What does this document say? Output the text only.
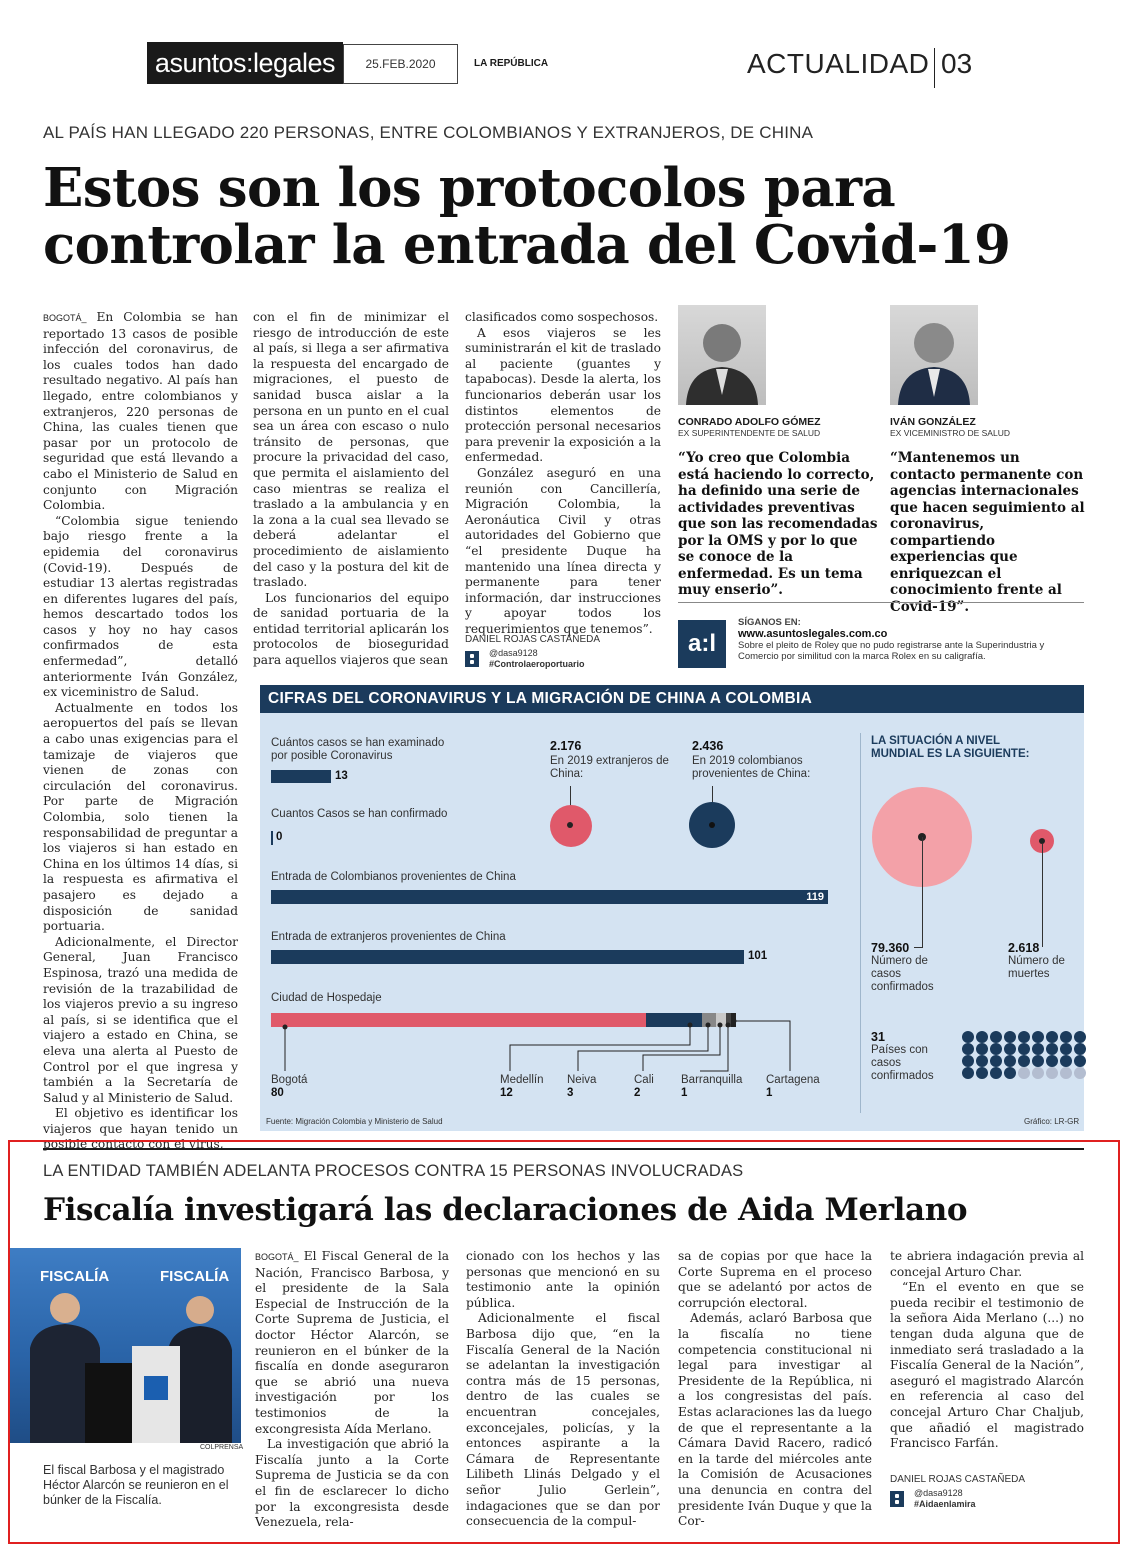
asuntos:legales	25.FEB.2020	LA REPÚBLICA	ACTUALIDAD 03
AL PAÍS HAN LLEGADO 220 PERSONAS, ENTRE COLOMBIANOS Y EXTRANJEROS, DE CHINA
Estos son los protocolos para
controlar la entrada del Covid-19

BOGOTÁ_ En Colombia se han reportado 13 casos de posible infección del coronavirus, de los cuales todos han dado resultado negativo. Al país han llegado, entre colombianos y extranjeros, 220 personas de China, las cuales tienen que pasar por un protocolo de seguridad que está llevando a cabo el Ministerio de Salud en conjunto con Migración Colombia.

“Colombia sigue teniendo bajo riesgo frente a la epidemia del coronavirus (Covid-19). Después de estudiar 13 alertas registradas en diferentes lugares del país, hemos descartado todos los casos y hoy no hay casos confirmados de esta enfermedad”, detalló anteriormente Iván González, ex viceministro de Salud.

Actualmente en todos los aeropuertos del país se llevan a cabo unas exigencias para el tamizaje de viajeros que vienen de zonas con circulación del coronavirus. Por parte de Migración Colombia, solo tienen la responsabilidad de preguntar a los viajeros si han estado en China en los últimos 14 días, si la respuesta es afirmativa el pasajero es dejado a disposición de sanidad portuaria.

Adicionalmente, el Director General, Juan Francisco Espinosa, trazó una medida de revisión de la trazabilidad de los viajeros previo a su ingreso al país, si se identifica que el viajero a estado en China, se eleva una alerta al Puesto de Control por el que ingresa y también a la Secretaría de Salud y al Ministerio de Salud.

El objetivo es identificar los viajeros que hayan tenido un posible contacto con el virus,

con el fin de minimizar el riesgo de introducción de este al país, si llega a ser afirmativa la respuesta del encargado de migraciones, el puesto de sanidad busca aislar a la persona en un punto en el cual sea un área con escaso o nulo tránsito de personas, que procure la privacidad del caso, que permita el aislamiento del caso mientras se realiza el traslado a la ambulancia y en la zona a la cual sea llevado se deberá adelantar el procedimiento de aislamiento del caso y la postura del kit de traslado.

Los funcionarios del equipo de sanidad portuaria de la entidad territorial aplicarán los protocolos de bioseguridad para aquellos viajeros que sean

clasificados como sospechosos.

A esos viajeros se les suministrarán el kit de traslado al paciente (guantes y tapabocas). Desde la alerta, los funcionarios deberán usar los distintos elementos de protección personal necesarios para prevenir la exposición a la enfermedad.

González aseguró en una reunión con Cancillería, Migración Colombia, la Aeronáutica Civil y otras autoridades del Gobierno que “el presidente Duque ha mantenido una línea directa y permanente para tener información, dar instrucciones y apoyar todos los requerimientos que tenemos”.

DANIEL ROJAS CASTAÑEDA
@dasa9128
#Controlaeroportuario
CONRADO ADOLFO GÓMEZ
EX SUPERINTENDENTE DE SALUD
“Yo creo que Colombia está haciendo lo correcto, ha definido una serie de actividades preventivas que son las recomendadas por la OMS y por lo que se conoce de la enfermedad. Es un tema muy enserio”.
IVÁN GONZÁLEZ
EX VICEMINISTRO DE SALUD
“Mantenemos un contacto permanente con agencias internacionales que hacen seguimiento al coronavirus, compartiendo experiencias que enriquezcan el conocimiento frente al Covid-19”.
a:l
SÍGANOS EN:
www.asuntoslegales.com.co
Sobre el pleito de Roley que no pudo registrarse ante la Superindustria y Comercio por similitud con la marca Rolex en su caligrafía.
CIFRAS DEL CORONAVIRUS Y LA MIGRACIÓN DE CHINA A COLOMBIA
Cuántos casos se han examinado por posible Coronavirus
13
Cuantos Casos se han confirmado
0
2.176
En 2019 extranjeros de China:
2.436
En 2019 colombianos provenientes de China:
Entrada de Colombianos provenientes de China
119
Entrada de extranjeros provenientes de China
101
Ciudad de Hospedaje
Bogotá
80
Medellín
12
Neiva
3
Cali
2
Barranquilla
1
Cartagena
1
LA SITUACIÓN A NIVEL MUNDIAL ES LA SIGUIENTE:
79.360
Número de casos confirmados
2.618
Número de muertes
31
Países con casos confirmados
Fuente: Migración Colombia y Ministerio de Salud	Gráfico: LR-GR
LA ENTIDAD TAMBIÉN ADELANTA PROCESOS CONTRA 15 PERSONAS INVOLUCRADAS
Fiscalía investigará las declaraciones de Aida Merlano
FISCALÍA	FISCALÍA
COLPRENSA
El fiscal Barbosa y el magistrado Héctor Alarcón se reunieron en el búnker de la Fiscalía.

BOGOTÁ_ El Fiscal General de la Nación, Francisco Barbosa, y el presidente de la Sala Especial de Instrucción de la Corte Suprema de Justicia, el doctor Héctor Alarcón, se reunieron en el búnker de la fiscalía en donde aseguraron que se abrió una nueva investigación por los testimonios de la excongresista Aída Merlano.

La investigación que abrió la Fiscalía junto a la Corte Suprema de Justicia se da con el fin de esclarecer lo dicho por la excongresista desde Venezuela, rela-

cionado con los hechos y las personas que mencionó en su testimonio ante la opinión pública.

Adicionalmente el fiscal Barbosa dijo que, “en la Fiscalía General de la Nación se adelantan la investigación contra más de 15 personas, dentro de las cuales se encuentran concejales, exconcejales, policías, y la entonces aspirante a la Cámara de Representante Lilibeth Llinás Delgado y el señor Julio Gerlein”, indagaciones que se dan por consecuencia de la compul-

sa de copias por que hace la Corte Suprema en el proceso que se adelantó por actos de corrupción electoral.

Además, aclaró Barbosa que la fiscalía no tiene competencia constitucional ni legal para investigar al Presidente de la República, ni a los congresistas del país. Estas aclaraciones las da luego de que el representante a la Cámara David Racero, radicó en la tarde del miércoles ante la Comisión de Acusaciones una denuncia en contra del presidente Iván Duque y que la Cor-

te abriera indagación previa al concejal Arturo Char.

“En el evento en que se pueda recibir el testimonio de la señora Aida Merlano (...) no tengan duda alguna que de inmediato será trasladado a la Fiscalía General de la Nación”, aseguró el magistrado Alarcón en referencia al caso del concejal Arturo Char Chaljub, que añadió el magistrado Francisco Farfán.

DANIEL ROJAS CASTAÑEDA
@dasa9128
#Aidaenlamira
